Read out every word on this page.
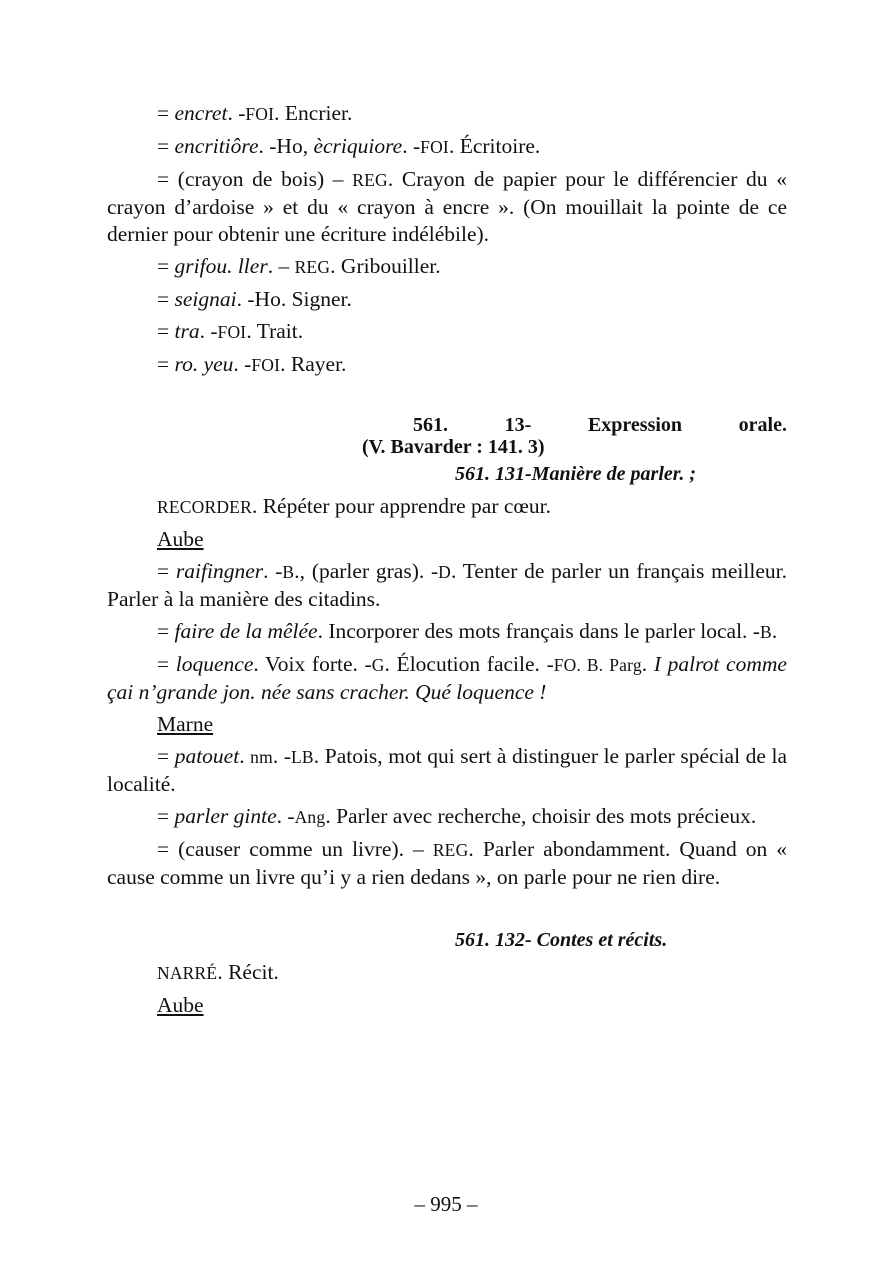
= encret. -FOI. Encrier.

= encritiôre. -Ho, ècriquiore. -FOI. Écritoire.

= (crayon de bois) – REG. Crayon de papier pour le différencier du « crayon d’ardoise » et du « crayon à encre ». (On mouillait la pointe de ce dernier pour obtenir une écriture indélébile).

= grifou. ller. – REG. Gribouiller.

= seignai. -Ho. Signer.

= tra. -FOI. Trait.

= ro. yeu. -FOI. Rayer.

561. 13- Expression orale.

(V. Bavarder : 141. 3)

561. 131-Manière de parler. ;

RECORDER. Répéter pour apprendre par cœur.

Aube

= raifingner. -B., (parler gras). -D. Tenter de parler un français meilleur. Parler à la manière des citadins.

= faire de la mêlée. Incorporer des mots français dans le parler local. -B.

= loquence. Voix forte. -G. Élocution facile. -FO. B. Parg. I palrot comme çai n’grande jon. née sans cracher. Qué loquence !

Marne

= patouet. nm. -LB. Patois, mot qui sert à distinguer le parler spécial de la localité.

= parler ginte. -Ang. Parler avec recherche, choisir des mots précieux.

= (causer comme un livre). – REG. Parler abondamment. Quand on « cause comme un livre qu’i y a rien dedans », on parle pour ne rien dire.

561. 132- Contes et récits.

NARRÉ. Récit.

Aube

– 995 –
